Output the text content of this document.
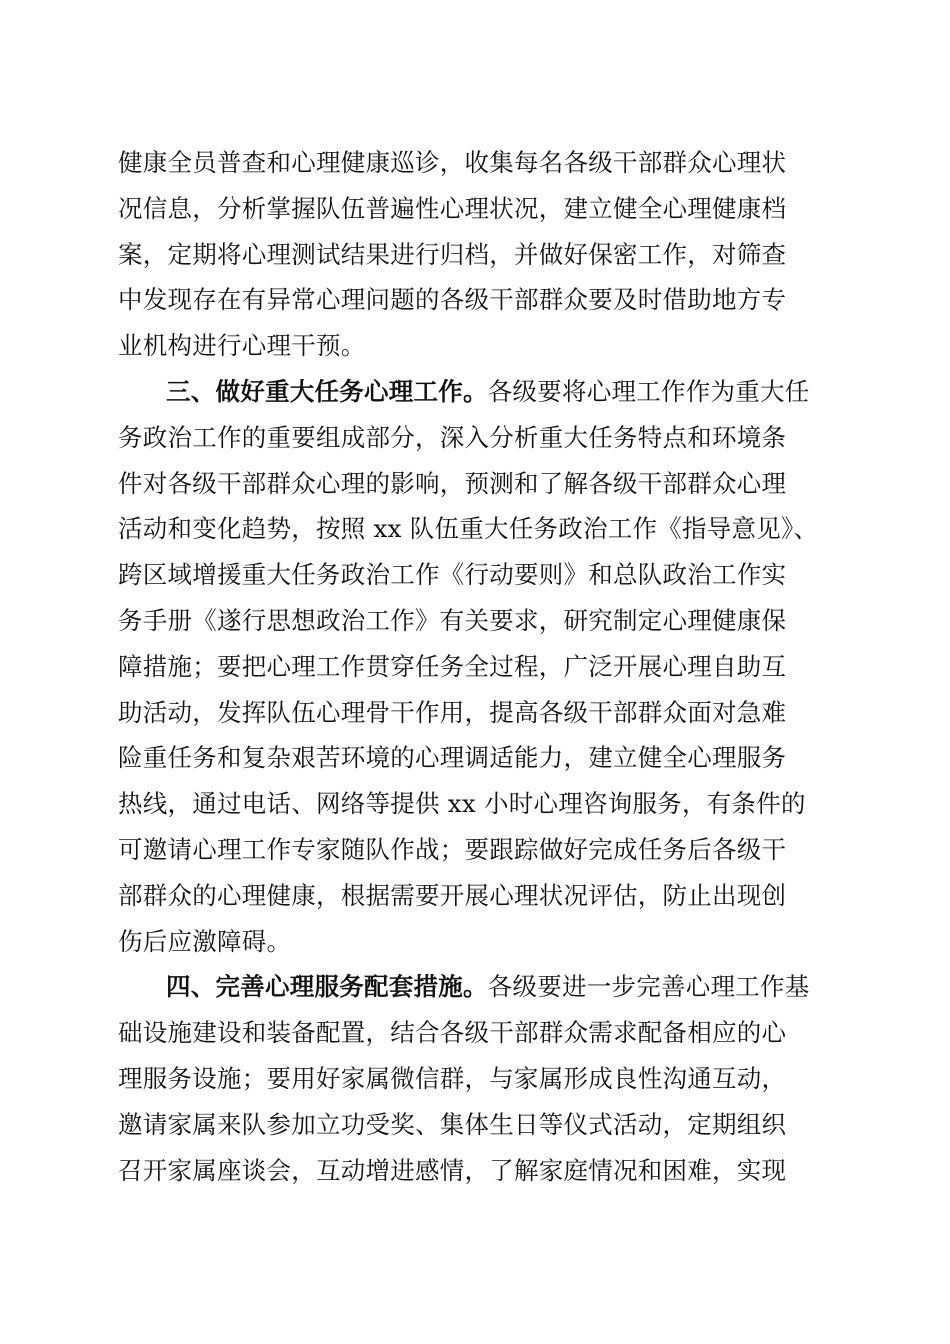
健康全员普查和心理健康巡诊，收集每名各级干部群众心理状
况信息，分析掌握队伍普遍性心理状况，建立健全心理健康档
案，定期将心理测试结果进行归档，并做好保密工作，对筛查
中发现存在有异常心理问题的各级干部群众要及时借助地方专
业机构进行心理干预。
三、做好重大任务心理工作。各级要将心理工作作为重大任
务政治工作的重要组成部分，深入分析重大任务特点和环境条
件对各级干部群众心理的影响，预测和了解各级干部群众心理
活动和变化趋势，按照 xx 队伍重大任务政治工作《指导意见》、
跨区域增援重大任务政治工作《行动要则》和总队政治工作实
务手册《遂行思想政治工作》有关要求，研究制定心理健康保
障措施；要把心理工作贯穿任务全过程，广泛开展心理自助互
助活动，发挥队伍心理骨干作用，提高各级干部群众面对急难
险重任务和复杂艰苦环境的心理调适能力，建立健全心理服务
热线，通过电话、网络等提供 xx 小时心理咨询服务，有条件的
可邀请心理工作专家随队作战；要跟踪做好完成任务后各级干
部群众的心理健康，根据需要开展心理状况评估，防止出现创
伤后应激障碍。
四、完善心理服务配套措施。各级要进一步完善心理工作基
础设施建设和装备配置，结合各级干部群众需求配备相应的心
理服务设施；要用好家属微信群，与家属形成良性沟通互动，
邀请家属来队参加立功受奖、集体生日等仪式活动，定期组织
召开家属座谈会，互动增进感情，了解家庭情况和困难，实现
